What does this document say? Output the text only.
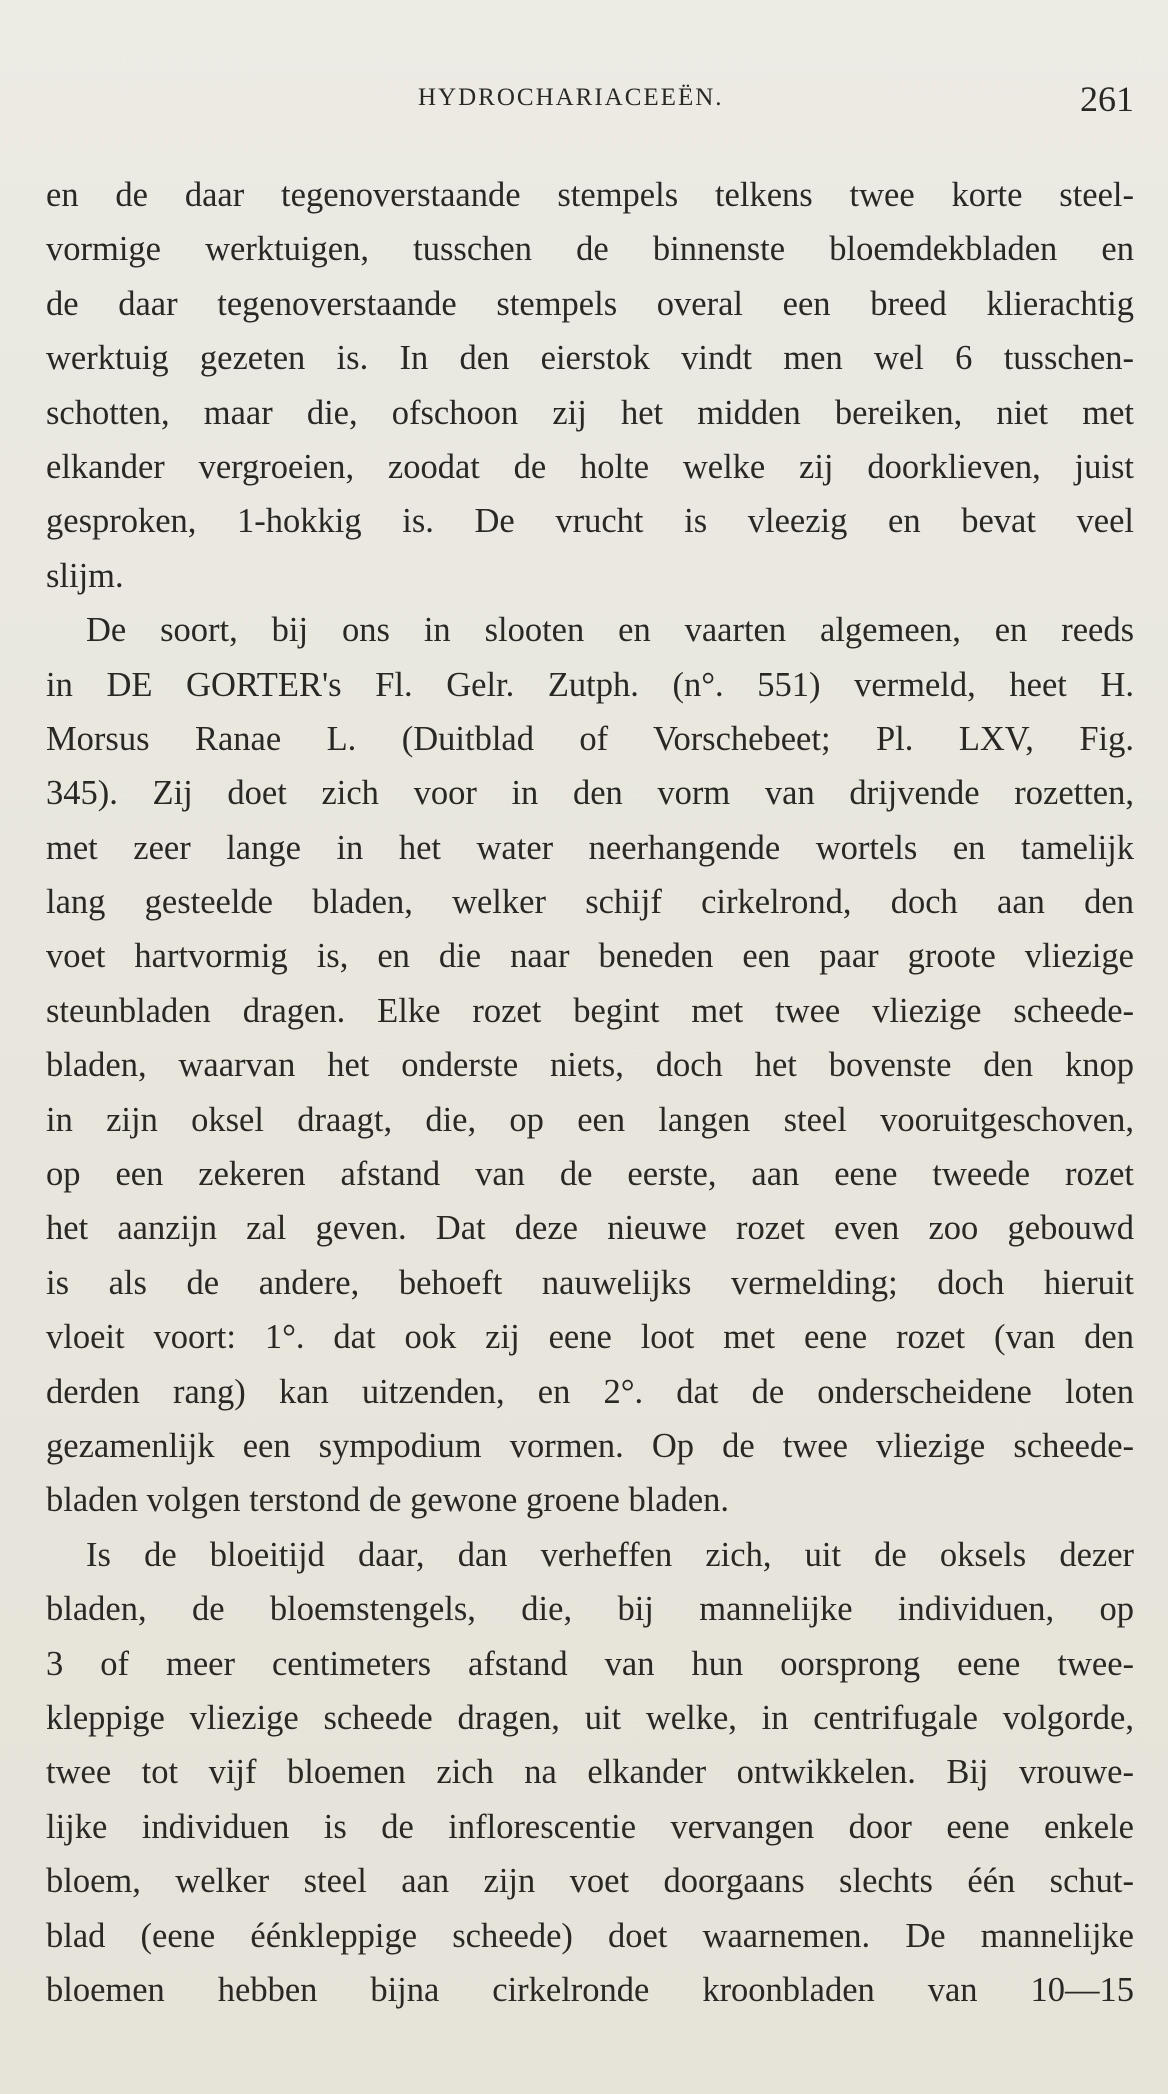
HYDROCHARIACEEËN.	261
en de daar tegenoverstaande stempels telkens twee korte steel-
vormige werktuigen, tusschen de binnenste bloemdekbladen en
de daar tegenoverstaande stempels overal een breed klierachtig
werktuig gezeten is. In den eierstok vindt men wel 6 tusschen-
schotten, maar die, ofschoon zij het midden bereiken, niet met
elkander vergroeien, zoodat de holte welke zij doorklieven, juist
gesproken, 1-hokkig is. De vrucht is vleezig en bevat veel
slijm.
De soort, bij ons in slooten en vaarten algemeen, en reeds
in DE GORTER's Fl. Gelr. Zutph. (n°. 551) vermeld, heet H.
Morsus Ranae L. (Duitblad of Vorschebeet; Pl. LXV, Fig.
345). Zij doet zich voor in den vorm van drijvende rozetten,
met zeer lange in het water neerhangende wortels en tamelijk
lang gesteelde bladen, welker schijf cirkelrond, doch aan den
voet hartvormig is, en die naar beneden een paar groote vliezige
steunbladen dragen. Elke rozet begint met twee vliezige scheede-
bladen, waarvan het onderste niets, doch het bovenste den knop
in zijn oksel draagt, die, op een langen steel vooruitgeschoven,
op een zekeren afstand van de eerste, aan eene tweede rozet
het aanzijn zal geven. Dat deze nieuwe rozet even zoo gebouwd
is als de andere, behoeft nauwelijks vermelding; doch hieruit
vloeit voort: 1°. dat ook zij eene loot met eene rozet (van den
derden rang) kan uitzenden, en 2°. dat de onderscheidene loten
gezamenlijk een sympodium vormen. Op de twee vliezige scheede-
bladen volgen terstond de gewone groene bladen.
Is de bloeitijd daar, dan verheffen zich, uit de oksels dezer
bladen, de bloemstengels, die, bij mannelijke individuen, op
3 of meer centimeters afstand van hun oorsprong eene twee-
kleppige vliezige scheede dragen, uit welke, in centrifugale volgorde,
twee tot vijf bloemen zich na elkander ontwikkelen. Bij vrouwe-
lijke individuen is de inflorescentie vervangen door eene enkele
bloem, welker steel aan zijn voet doorgaans slechts één schut-
blad (eene éénkleppige scheede) doet waarnemen. De mannelijke
bloemen hebben bijna cirkelronde kroonbladen van 10—15
